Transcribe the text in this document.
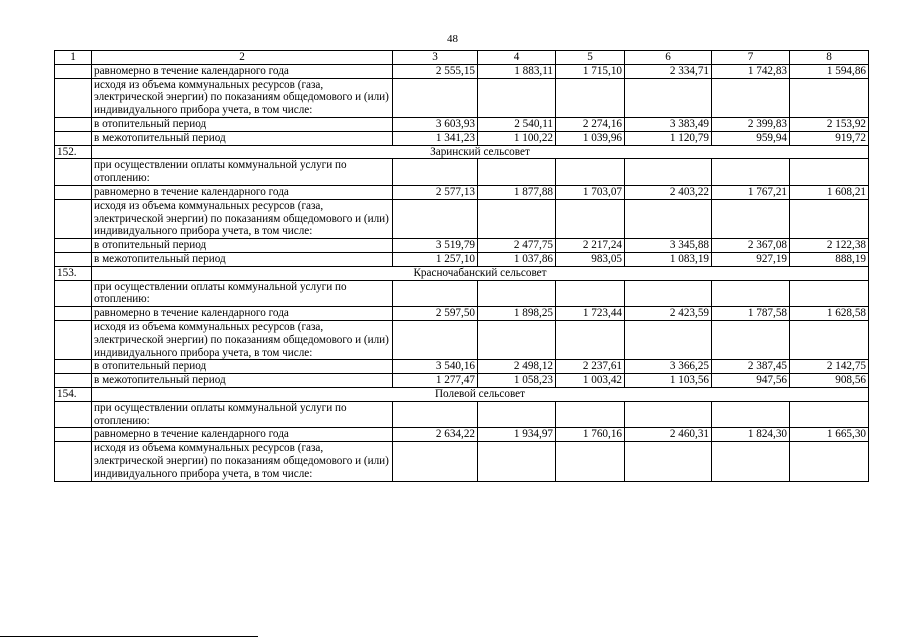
48
1	2	3	4	5	6	7	8
	равномерно в течение календарного года	2 555,15	1 883,11	1 715,10	2 334,71	1 742,83	1 594,86
	исходя из объема коммунальных ресурсов (газа, электрической энергии) по показаниям общедомового и (или) индивидуального прибора учета, в том числе:						
	в отопительный период	3 603,93	2 540,11	2 274,16	3 383,49	2 399,83	2 153,92
	в межотопительный период	1 341,23	1 100,22	1 039,96	1 120,79	959,94	919,72
152.	Заринский сельсовет						
	при осуществлении оплаты коммунальной услуги по отоплению:						
	равномерно в течение календарного года	2 577,13	1 877,88	1 703,07	2 403,22	1 767,21	1 608,21
	исходя из объема коммунальных ресурсов (газа, электрической энергии) по показаниям общедомового и (или) индивидуального прибора учета, в том числе:						
	в отопительный период	3 519,79	2 477,75	2 217,24	3 345,88	2 367,08	2 122,38
	в межотопительный период	1 257,10	1 037,86	983,05	1 083,19	927,19	888,19
153.	Красночабанский сельсовет						
	при осуществлении оплаты коммунальной услуги по отоплению:						
	равномерно в течение календарного года	2 597,50	1 898,25	1 723,44	2 423,59	1 787,58	1 628,58
	исходя из объема коммунальных ресурсов (газа, электрической энергии) по показаниям общедомового и (или) индивидуального прибора учета, в том числе:						
	в отопительный период	3 540,16	2 498,12	2 237,61	3 366,25	2 387,45	2 142,75
	в межотопительный период	1 277,47	1 058,23	1 003,42	1 103,56	947,56	908,56
154.	Полевой сельсовет						
	при осуществлении оплаты коммунальной услуги по отоплению:						
	равномерно в течение календарного года	2 634,22	1 934,97	1 760,16	2 460,31	1 824,30	1 665,30
	исходя из объема коммунальных ресурсов (газа, электрической энергии) по показаниям общедомового и (или) индивидуального прибора учета, в том числе:						
